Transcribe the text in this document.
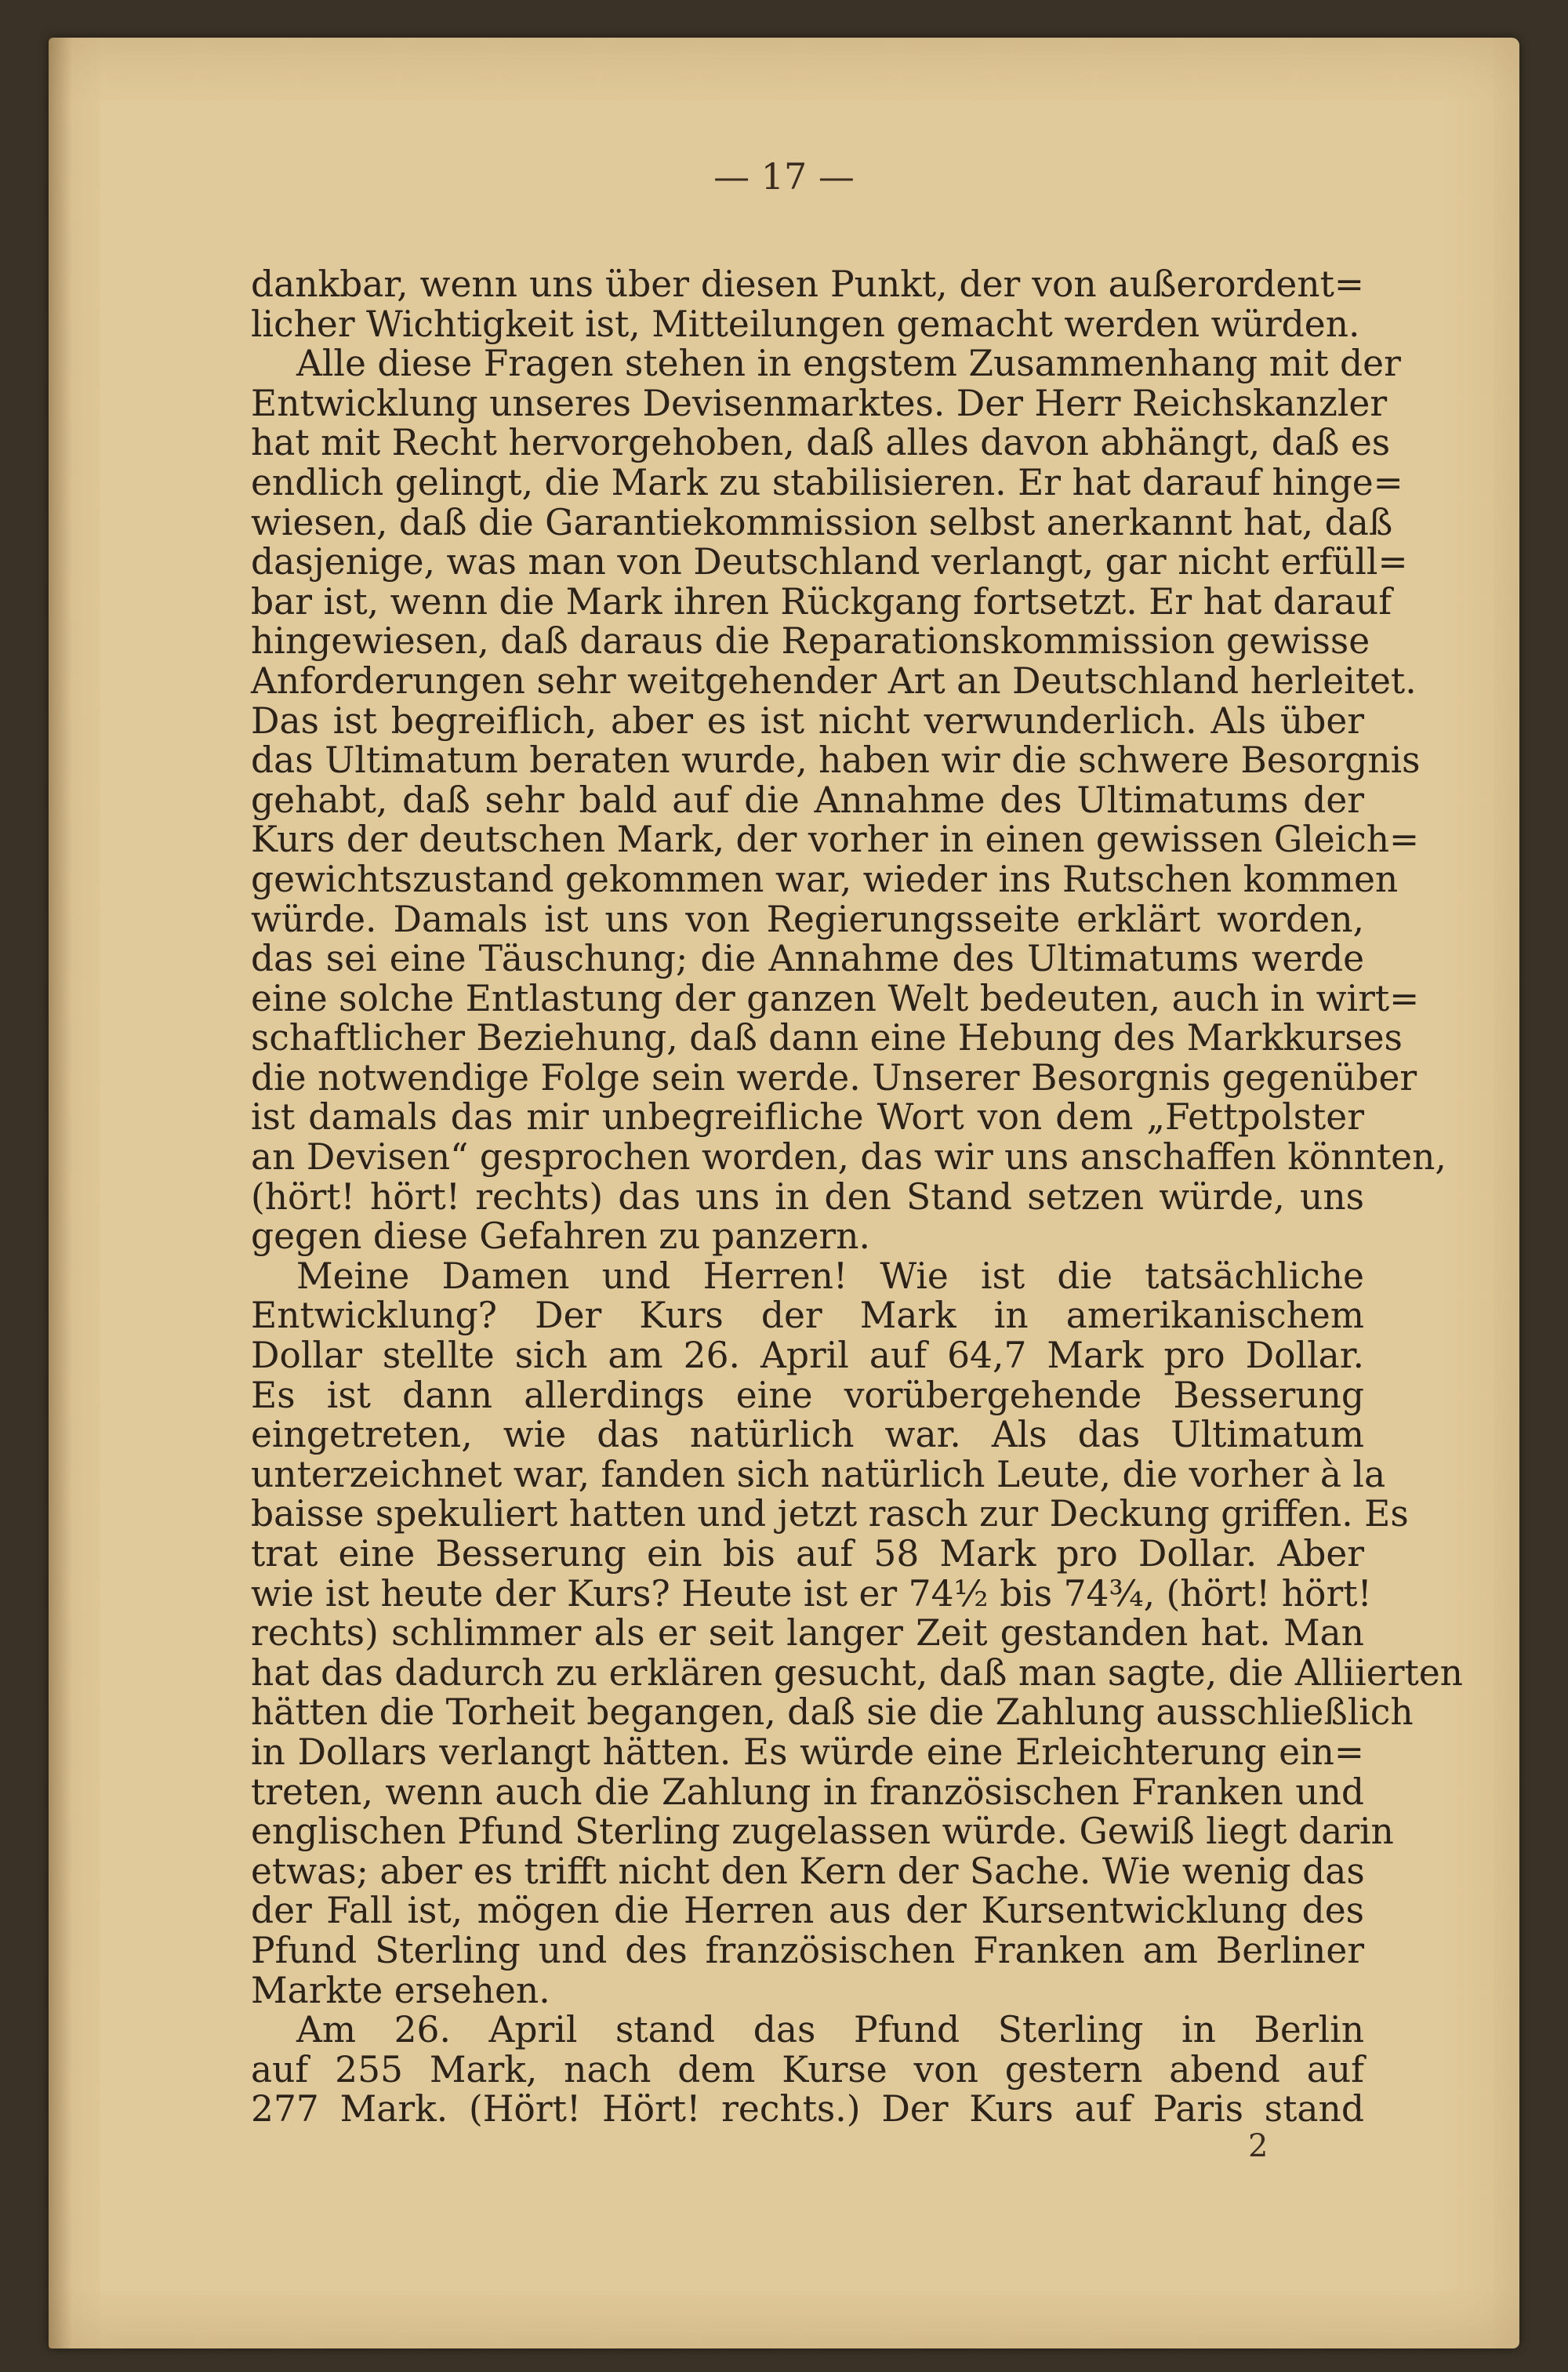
— 17 —
dankbar, wenn uns über diesen Punkt, der von außerordent=
licher Wichtigkeit ist, Mitteilungen gemacht werden würden.
Alle diese Fragen stehen in engstem Zusammenhang mit der
Entwicklung unseres Devisenmarktes. Der Herr Reichskanzler
hat mit Recht hervorgehoben, daß alles davon abhängt, daß es
endlich gelingt, die Mark zu stabilisieren. Er hat darauf hinge=
wiesen, daß die Garantiekommission selbst anerkannt hat, daß
dasjenige, was man von Deutschland verlangt, gar nicht erfüll=
bar ist, wenn die Mark ihren Rückgang fortsetzt. Er hat darauf
hingewiesen, daß daraus die Reparationskommission gewisse
Anforderungen sehr weitgehender Art an Deutschland herleitet.
Das ist begreiflich, aber es ist nicht verwunderlich. Als über
das Ultimatum beraten wurde, haben wir die schwere Besorgnis
gehabt, daß sehr bald auf die Annahme des Ultimatums der
Kurs der deutschen Mark, der vorher in einen gewissen Gleich=
gewichtszustand gekommen war, wieder ins Rutschen kommen
würde. Damals ist uns von Regierungsseite erklärt worden,
das sei eine Täuschung; die Annahme des Ultimatums werde
eine solche Entlastung der ganzen Welt bedeuten, auch in wirt=
schaftlicher Beziehung, daß dann eine Hebung des Markkurses
die notwendige Folge sein werde. Unserer Besorgnis gegenüber
ist damals das mir unbegreifliche Wort von dem „Fettpolster
an Devisen“ gesprochen worden, das wir uns anschaffen könnten,
(hört! hört! rechts) das uns in den Stand setzen würde, uns
gegen diese Gefahren zu panzern.
Meine Damen und Herren! Wie ist die tatsächliche
Entwicklung? Der Kurs der Mark in amerikanischem
Dollar stellte sich am 26. April auf 64,7 Mark pro Dollar.
Es ist dann allerdings eine vorübergehende Besserung
eingetreten, wie das natürlich war. Als das Ultimatum
unterzeichnet war, fanden sich natürlich Leute, die vorher à la
baisse spekuliert hatten und jetzt rasch zur Deckung griffen. Es
trat eine Besserung ein bis auf 58 Mark pro Dollar. Aber
wie ist heute der Kurs? Heute ist er 74½ bis 74¾, (hört! hört!
rechts) schlimmer als er seit langer Zeit gestanden hat. Man
hat das dadurch zu erklären gesucht, daß man sagte, die Alliierten
hätten die Torheit begangen, daß sie die Zahlung ausschließlich
in Dollars verlangt hätten. Es würde eine Erleichterung ein=
treten, wenn auch die Zahlung in französischen Franken und
englischen Pfund Sterling zugelassen würde. Gewiß liegt darin
etwas; aber es trifft nicht den Kern der Sache. Wie wenig das
der Fall ist, mögen die Herren aus der Kursentwicklung des
Pfund Sterling und des französischen Franken am Berliner
Markte ersehen.
Am 26. April stand das Pfund Sterling in Berlin
auf 255 Mark, nach dem Kurse von gestern abend auf
277 Mark. (Hört! Hört! rechts.) Der Kurs auf Paris stand
2
